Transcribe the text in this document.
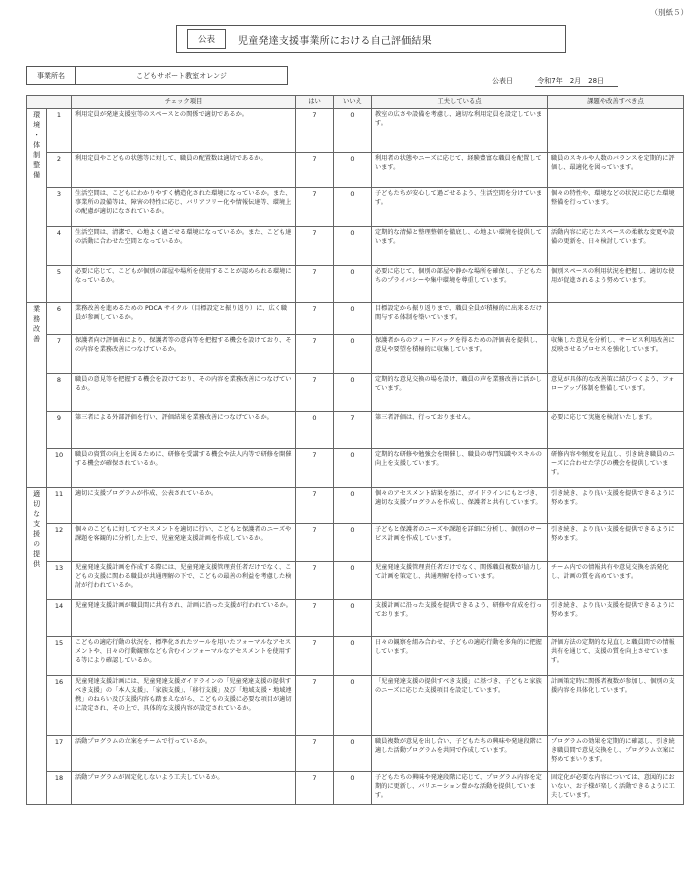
（別紙５）
公表	児童発達支援事業所における自己評価結果
事業所名	こどもサポート教室オレンジ
公表日	令和7年　2月　28日
		チェック項目	はい	いいえ	工夫している点	課題や改善すべき点
環境・体制整備	1	利用定員が発達支援室等のスペースとの関係で適切であるか。	7	0	教室の広さや設備を考慮し、適切な利用定員を設定しています。	
	2	利用定員やこどもの状態等に対して、職員の配置数は適切であるか。	7	0	利用者の状態やニーズに応じて、経験豊富な職員を配置しています。	職員のスキルや人数のバランスを定期的に評価し、最適化を図っています。
	3	生活空間は、こどもにわかりやすく構造化された環境になっているか。また、事業所の設備等は、障害の特性に応じ、バリアフリー化や情報伝達等、環境上の配慮が適切になされているか。	7	0	子どもたちが安心して過ごせるよう、生活空間を分けています。	個々の特性や、環境などの状況に応じた環境整備を行っています。
	4	生活空間は、清潔で、心地よく過ごせる環境になっているか。また、こども達の活動に合わせた空間となっているか。	7	0	定期的な清掃と整理整頓を徹底し、心地よい環境を提供しています。	活動内容に応じたスペースの柔軟な変更や設備の更新を、日々検討しています。
	5	必要に応じて、こどもが個別の部屋や場所を使用することが認められる環境になっているか。	7	0	必要に応じて、個別の部屋や静かな場所を確保し、子どもたちのプライバシーや集中環境を尊重しています。	個別スペースの利用状況を把握し、適切な使用が促進されるよう努めています。
業務改善	6	業務改善を進めるための PDCA サイクル（目標設定と振り返り）に、広く職員が参画しているか。	7	0	目標設定から振り返りまで、職員全員が積極的に出来るだけ関与する体制を築いています。	
	7	保護者向け評価表により、保護者等の意向等を把握する機会を設けており、その内容を業務改善につなげているか。	7	0	保護者からのフィードバックを得るための評価表を提供し、意見や要望を積極的に収集しています。	収集した意見を分析し、サービス利用改善に反映させるプロセスを強化しています。
	8	職員の意見等を把握する機会を設けており、その内容を業務改善につなげているか。	7	0	定期的な意見交換の場を設け、職員の声を業務改善に活かしています。	意見が具体的な改善策に結びつくよう、フォローアップ体制を整備しています。
	9	第三者による外部評価を行い、評価結果を業務改善につなげているか。	0	7	第三者評価は、行っておりません。	必要に応じて実施を検討いたします。
	10	職員の資質の向上を図るために、研修を受講する機会や法人内等で研修を開催する機会が確保されているか。	7	0	定期的な研修や勉強会を開催し、職員の専門知識やスキルの向上を支援しています。	研修内容や頻度を見直し、引き続き職員のニーズに合わせた学びの機会を提供しています。
適切な支援の提供	11	適切に支援プログラムが作成、公表されているか。	7	0	個々のアセスメント結果を基に、ガイドラインにもとづき、適切な支援プログラムを作成し、保護者と共有しています。	引き続き、より良い支援を提供できるように努めます。
	12	個々のこどもに対してアセスメントを適切に行い、こどもと保護者のニーズや課題を客観的に分析した上で、児童発達支援計画を作成しているか。	7	0	子どもと保護者のニーズや課題を詳細に分析し、個別のサービス計画を作成しています。	引き続き、より良い支援を提供できるように努めます。
	13	児童発達支援計画を作成する際には、児童発達支援管理責任者だけでなく、こどもの支援に関わる職員が共通理解の下で、こどもの最善の利益を考慮した検討が行われているか。	7	0	児童発達支援管理責任者だけでなく、関係職員複数が協力して計画を策定し、共通理解を持っています。	チーム内での情報共有や意見交換を活発化し、計画の質を高めています。
	14	児童発達支援計画が職員間に共有され、計画に沿った支援が行われているか。	7	0	支援計画に沿った支援を提供できるよう、研修や育成を行っております。	引き続き、より良い支援を提供できるように努めます。
	15	こどもの適応行動の状況を、標準化されたツールを用いたフォーマルなアセスメントや、日々の行動観察なども含むインフォーマルなアセスメントを使用する等により確認しているか。	7	0	日々の観察を組み合わせ、子どもの適応行動を多角的に把握しています。	評価方法の定期的な見直しと職員間での情報共有を通じて、支援の質を向上させています。
	16	児童発達支援計画には、児童発達支援ガイドラインの「児童発達支援の提供すべき支援」の「本人支援」、「家族支援」、「移行支援」及び「地域支援・地域連携」のねらい及び支援内容も踏まえながら、こどもの支援に必要な項目が適切に設定され、その上で、具体的な支援内容が設定されているか。	7	0	「児童発達支援の提供すべき支援」に基づき、子どもと家族のニーズに応じた支援項目を設定しています。	計画策定時に関係者複数が参加し、個別の支援内容を具体化しています。
	17	活動プログラムの立案をチームで行っているか。	7	0	職員複数が意見を出し合い、子どもたちの興味や発達段階に適した活動プログラムを共同で作成しています。	プログラムの効果を定期的に確認し、引き続き職員間で意見交換をし、プログラム立案に努めてまいります。
	18	活動プログラムが固定化しないよう工夫しているか。	7	0	子どもたちの興味や発達段階に応じて、プログラム内容を定期的に更新し、バリエーション豊かな活動を提供しています。	固定化が必要な内容については、意図的においない、お子様が楽しく活動できるように工夫しています。
